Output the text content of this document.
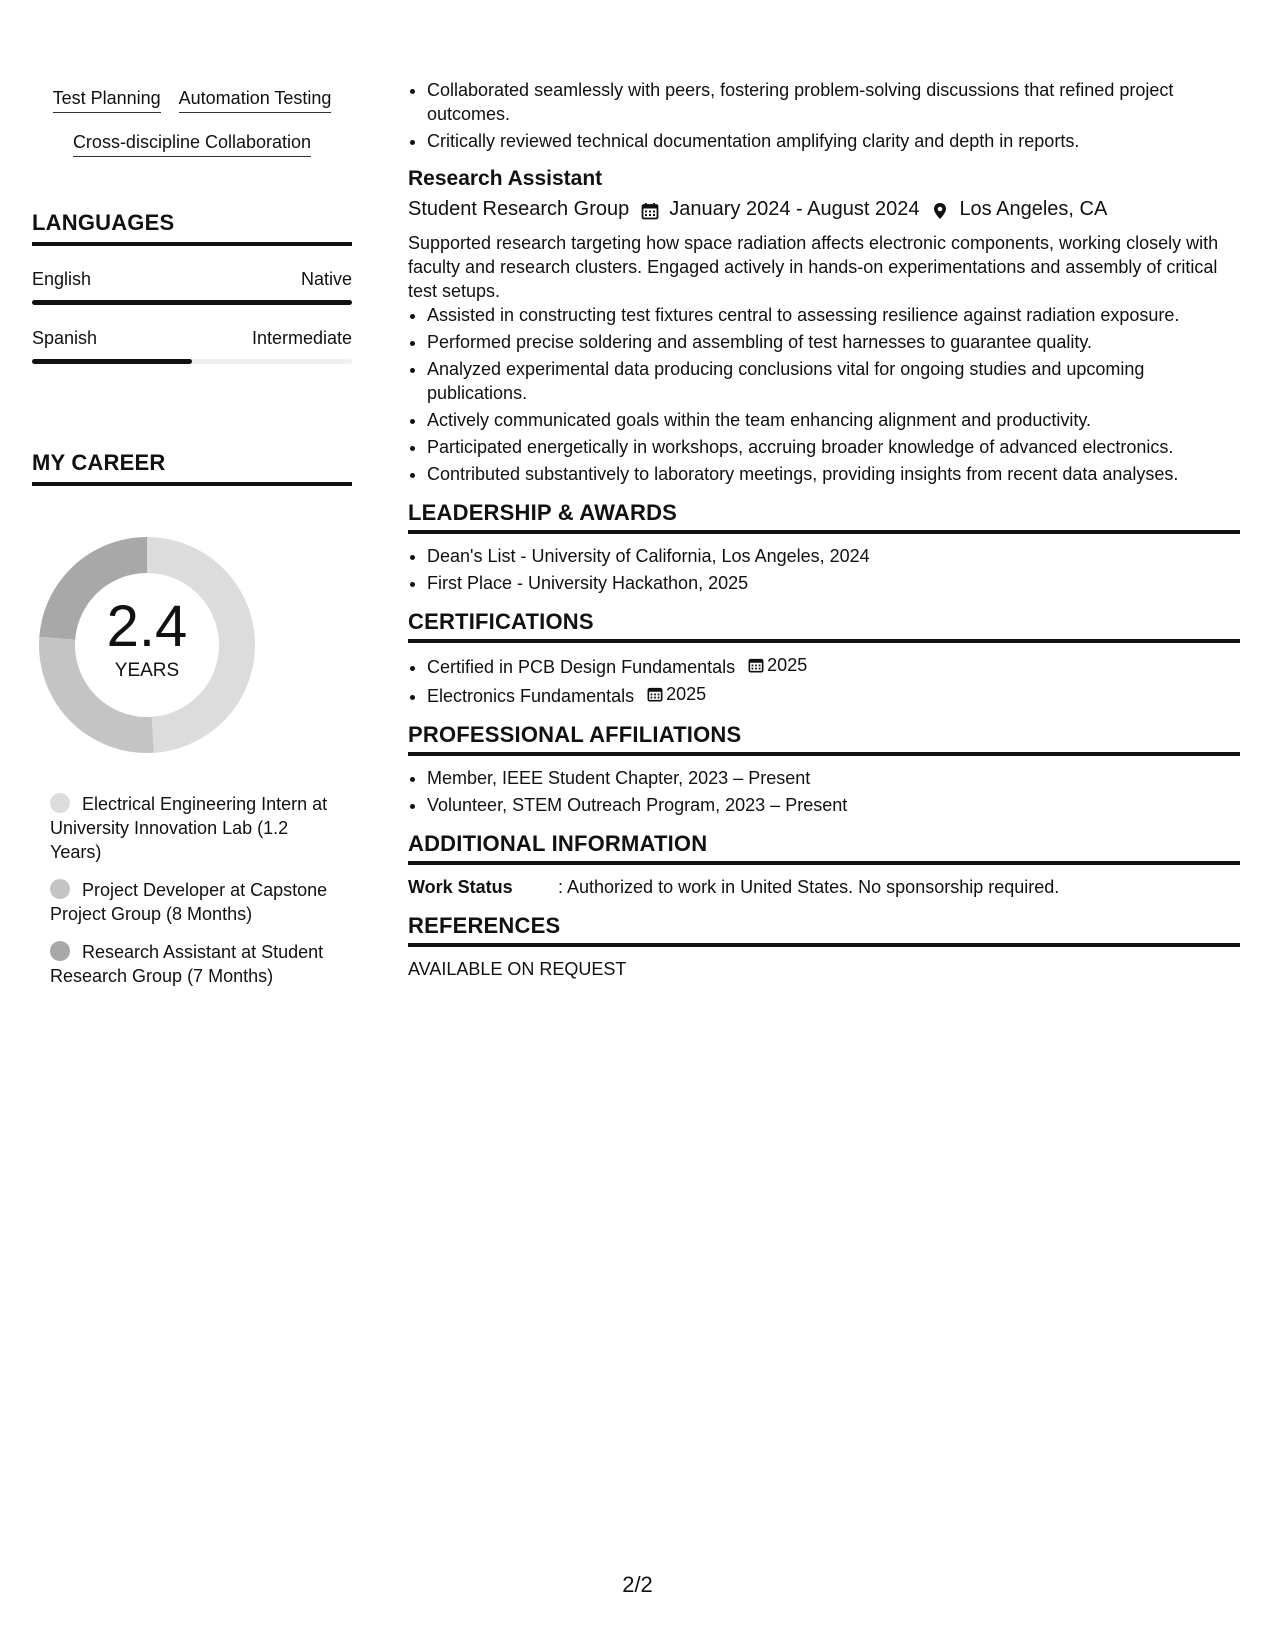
Test Planning Automation Testing
Cross-discipline Collaboration
LANGUAGES
English	Native
Spanish	Intermediate
MY CAREER
2.4
YEARS
Electrical Engineering Intern at University Innovation Lab (1.2 Years)
Project Developer at Capstone Project Group (8 Months)
Research Assistant at Student Research Group (7 Months)
• Collaborated seamlessly with peers, fostering problem-solving discussions that refined project outcomes.
• Critically reviewed technical documentation amplifying clarity and depth in reports.
Research Assistant
Student Research Group January 2024 - August 2024 Los Angeles, CA
Supported research targeting how space radiation affects electronic components, working closely with faculty and research clusters. Engaged actively in hands-on experimentations and assembly of critical test setups.
• Assisted in constructing test fixtures central to assessing resilience against radiation exposure.
• Performed precise soldering and assembling of test harnesses to guarantee quality.
• Analyzed experimental data producing conclusions vital for ongoing studies and upcoming publications.
• Actively communicated goals within the team enhancing alignment and productivity.
• Participated energetically in workshops, accruing broader knowledge of advanced electronics.
• Contributed substantively to laboratory meetings, providing insights from recent data analyses.
LEADERSHIP & AWARDS
• Dean's List - University of California, Los Angeles, 2024
• First Place - University Hackathon, 2025
CERTIFICATIONS
• Certified in PCB Design Fundamentals 2025
• Electronics Fundamentals 2025
PROFESSIONAL AFFILIATIONS
• Member, IEEE Student Chapter, 2023 – Present
• Volunteer, STEM Outreach Program, 2023 – Present
ADDITIONAL INFORMATION
Work Status	: Authorized to work in United States. No sponsorship required.
REFERENCES
AVAILABLE ON REQUEST
2/2
